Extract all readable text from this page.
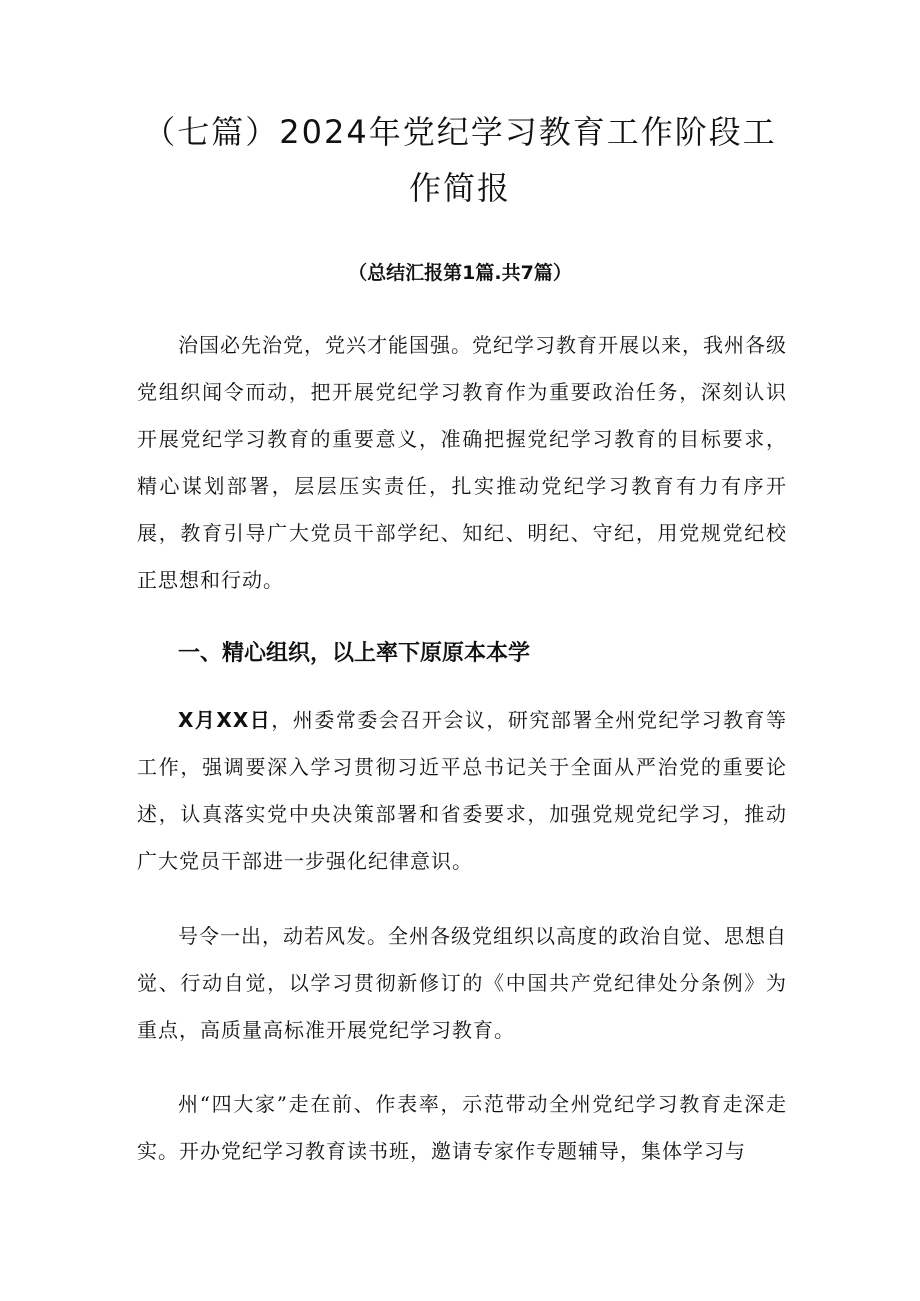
（七篇）2024年党纪学习教育工作阶段工作简报

（总结汇报第1篇.共7篇）

治国必先治党，党兴才能国强。党纪学习教育开展以来，我州各级党组织闻令而动，把开展党纪学习教育作为重要政治任务，深刻认识开展党纪学习教育的重要意义，准确把握党纪学习教育的目标要求，精心谋划部署，层层压实责任，扎实推动党纪学习教育有力有序开展，教育引导广大党员干部学纪、知纪、明纪、守纪，用党规党纪校正思想和行动。

一、精心组织，以上率下原原本本学

X月XX日，州委常委会召开会议，研究部署全州党纪学习教育等工作，强调要深入学习贯彻习近平总书记关于全面从严治党的重要论述，认真落实党中央决策部署和省委要求，加强党规党纪学习，推动广大党员干部进一步强化纪律意识。

号令一出，动若风发。全州各级党组织以高度的政治自觉、思想自觉、行动自觉，以学习贯彻新修订的《中国共产党纪律处分条例》为重点，高质量高标准开展党纪学习教育。

州“四大家”走在前、作表率，示范带动全州党纪学习教育走深走实。开办党纪学习教育读书班，邀请专家作专题辅导，集体学习与
